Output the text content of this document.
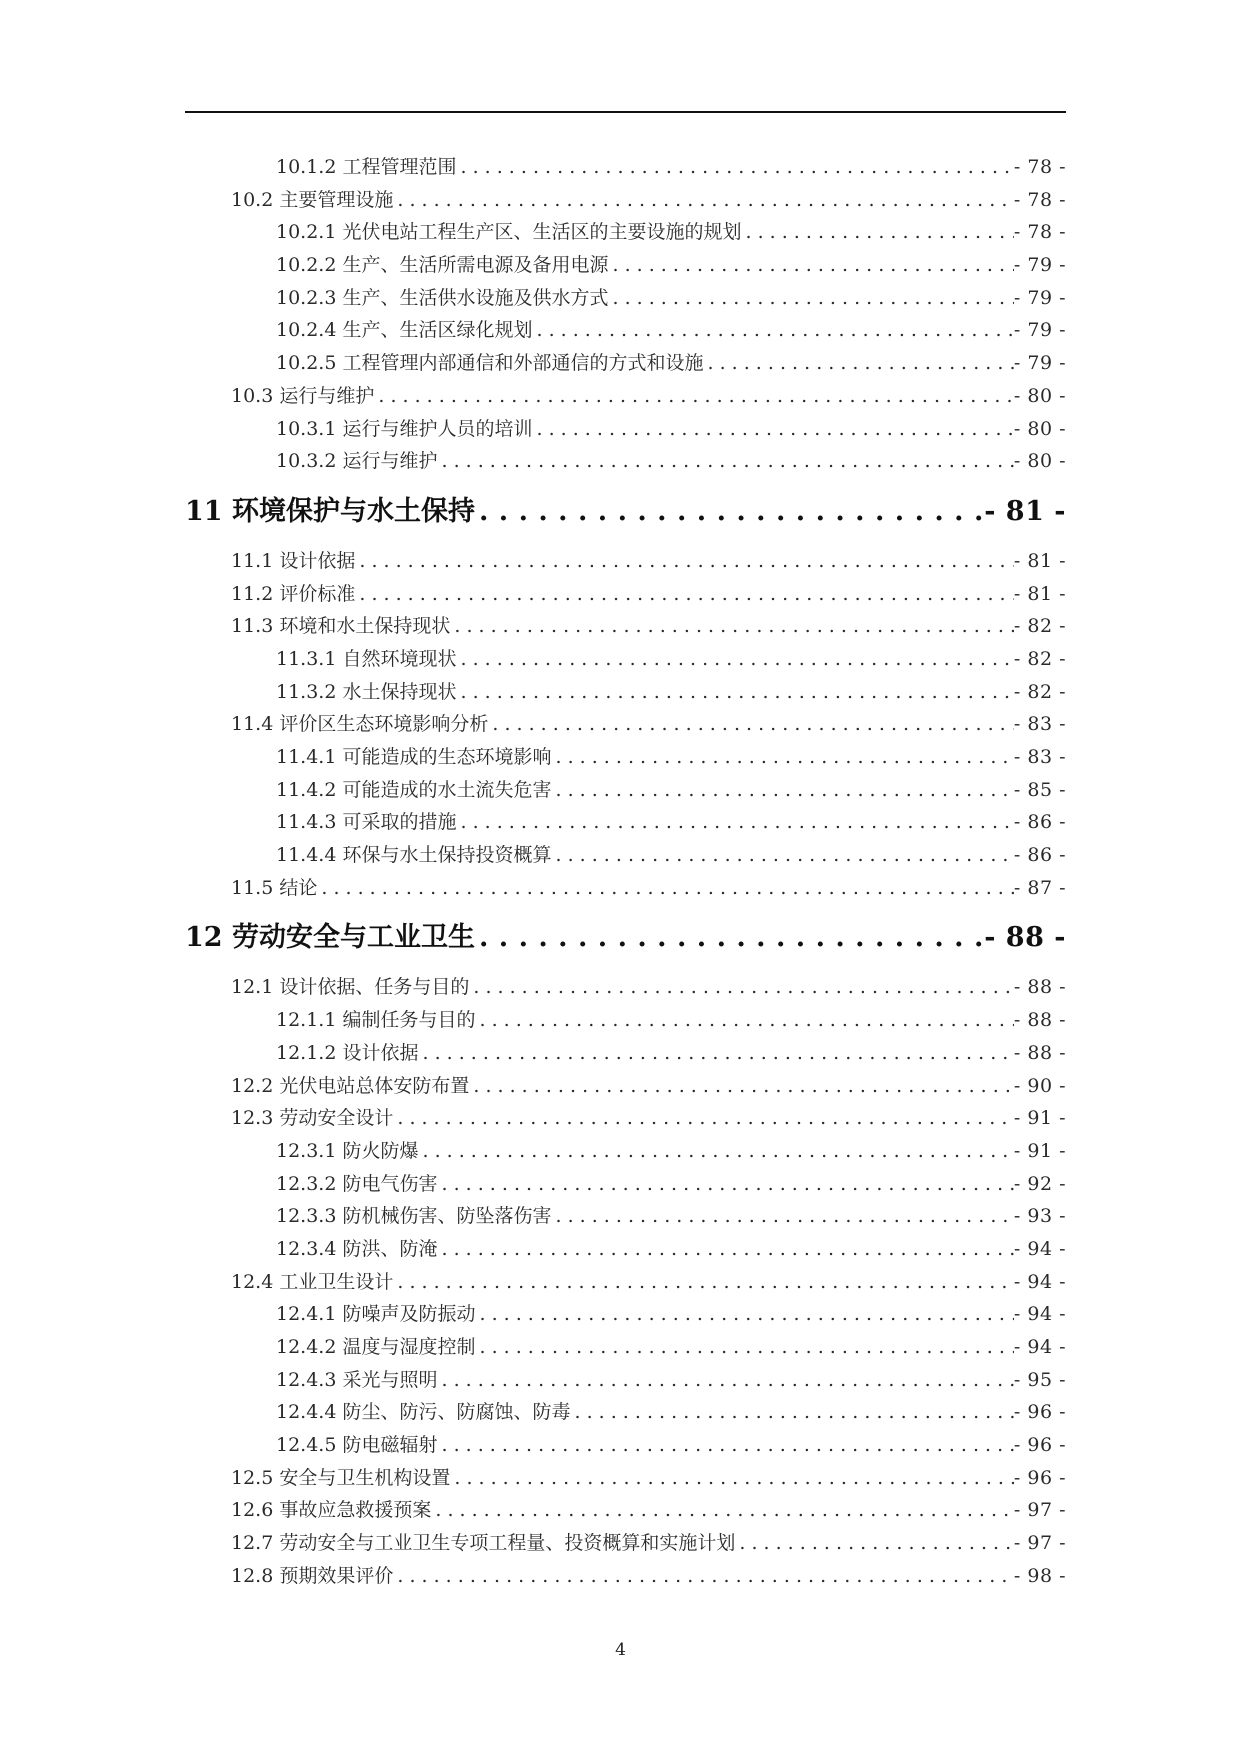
10.1.2 工程管理范围 . . .	- 78 -
10.2 主要管理设施 . . .	- 78 -
10.2.1 光伏电站工程生产区、生活区的主要设施的规划 . . .	- 78 -
10.2.2 生产、生活所需电源及备用电源 . . .	- 79 -
10.2.3 生产、生活供水设施及供水方式 . . .	- 79 -
10.2.4 生产、生活区绿化规划 . . .	- 79 -
10.2.5 工程管理内部通信和外部通信的方式和设施 . . .	- 79 -
10.3 运行与维护 . . .	- 80 -
10.3.1 运行与维护人员的培训 . . .	- 80 -
10.3.2 运行与维护 . . .	- 80 -
11 环境保护与水土保持 . . .	- 81 -
11.1 设计依据 . . .	- 81 -
11.2 评价标准 . . .	- 81 -
11.3 环境和水土保持现状 . . .	- 82 -
11.3.1 自然环境现状 . . .	- 82 -
11.3.2 水土保持现状 . . .	- 82 -
11.4 评价区生态环境影响分析 . . .	- 83 -
11.4.1 可能造成的生态环境影响 . . .	- 83 -
11.4.2 可能造成的水土流失危害 . . .	- 85 -
11.4.3 可采取的措施 . . .	- 86 -
11.4.4 环保与水土保持投资概算 . . .	- 86 -
11.5 结论 . . .	- 87 -
12 劳动安全与工业卫生 . . .	- 88 -
12.1 设计依据、任务与目的 . . .	- 88 -
12.1.1 编制任务与目的 . . .	- 88 -
12.1.2 设计依据 . . .	- 88 -
12.2 光伏电站总体安防布置 . . .	- 90 -
12.3 劳动安全设计 . . .	- 91 -
12.3.1 防火防爆 . . .	- 91 -
12.3.2 防电气伤害 . . .	- 92 -
12.3.3 防机械伤害、防坠落伤害 . . .	- 93 -
12.3.4 防洪、防淹 . . .	- 94 -
12.4 工业卫生设计 . . .	- 94 -
12.4.1 防噪声及防振动 . . .	- 94 -
12.4.2 温度与湿度控制 . . .	- 94 -
12.4.3 采光与照明 . . .	- 95 -
12.4.4 防尘、防污、防腐蚀、防毒 . . .	- 96 -
12.4.5 防电磁辐射 . . .	- 96 -
12.5 安全与卫生机构设置 . . .	- 96 -
12.6 事故应急救援预案 . . .	- 97 -
12.7 劳动安全与工业卫生专项工程量、投资概算和实施计划 . . .	- 97 -
12.8 预期效果评价 . . .	- 98 -
4
